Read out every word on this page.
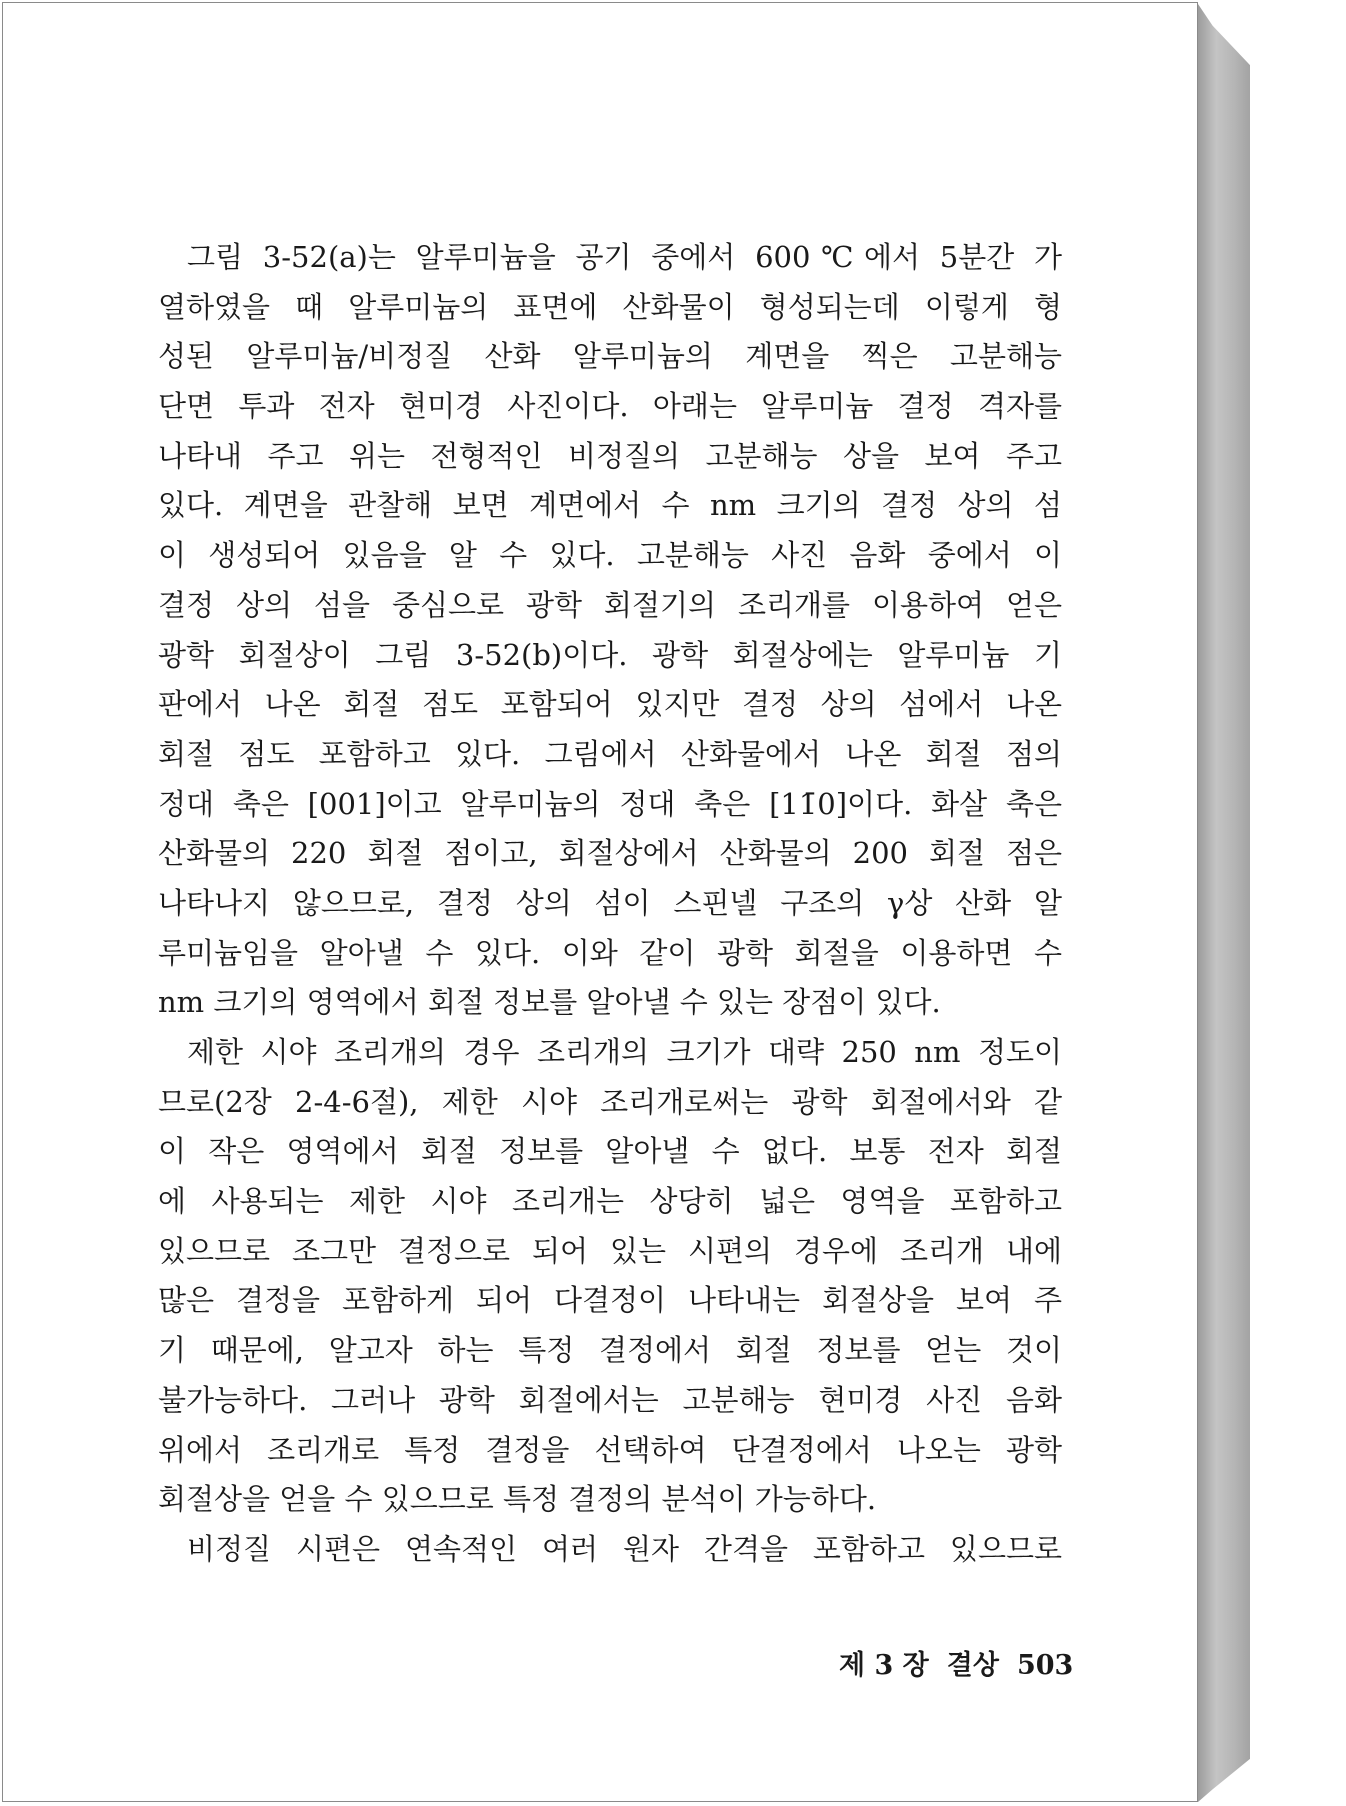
그림 3-52(a)는 알루미늄을 공기 중에서 600℃에서 5분간 가
열하였을 때 알루미늄의 표면에 산화물이 형성되는데 이렇게 형
성된 알루미늄/비정질 산화 알루미늄의 계면을 찍은 고분해능
단면 투과 전자 현미경 사진이다. 아래는 알루미늄 결정 격자를
나타내 주고 위는 전형적인 비정질의 고분해능 상을 보여 주고
있다. 계면을 관찰해 보면 계면에서 수 nm 크기의 결정 상의 섬
이 생성되어 있음을 알 수 있다. 고분해능 사진 음화 중에서 이
결정 상의 섬을 중심으로 광학 회절기의 조리개를 이용하여 얻은
광학 회절상이 그림 3-52(b)이다. 광학 회절상에는 알루미늄 기
판에서 나온 회절 점도 포함되어 있지만 결정 상의 섬에서 나온
회절 점도 포함하고 있다. 그림에서 산화물에서 나온 회절 점의
정대 축은 [001]이고 알루미늄의 정대 축은 [11̄0]이다. 화살 축은
산화물의 220 회절 점이고, 회절상에서 산화물의 200 회절 점은
나타나지 않으므로, 결정 상의 섬이 스핀넬 구조의 γ상 산화 알
루미늄임을 알아낼 수 있다. 이와 같이 광학 회절을 이용하면 수
nm 크기의 영역에서 회절 정보를 알아낼 수 있는 장점이 있다.
제한 시야 조리개의 경우 조리개의 크기가 대략 250 nm 정도이
므로(2장 2-4-6절), 제한 시야 조리개로써는 광학 회절에서와 같
이 작은 영역에서 회절 정보를 알아낼 수 없다. 보통 전자 회절
에 사용되는 제한 시야 조리개는 상당히 넓은 영역을 포함하고
있으므로 조그만 결정으로 되어 있는 시편의 경우에 조리개 내에
많은 결정을 포함하게 되어 다결정이 나타내는 회절상을 보여 주
기 때문에, 알고자 하는 특정 결정에서 회절 정보를 얻는 것이
불가능하다. 그러나 광학 회절에서는 고분해능 현미경 사진 음화
위에서 조리개로 특정 결정을 선택하여 단결정에서 나오는 광학
회절상을 얻을 수 있으므로 특정 결정의 분석이 가능하다.
비정질 시편은 연속적인 여러 원자 간격을 포함하고 있으므로
제 3 장 결상 503
